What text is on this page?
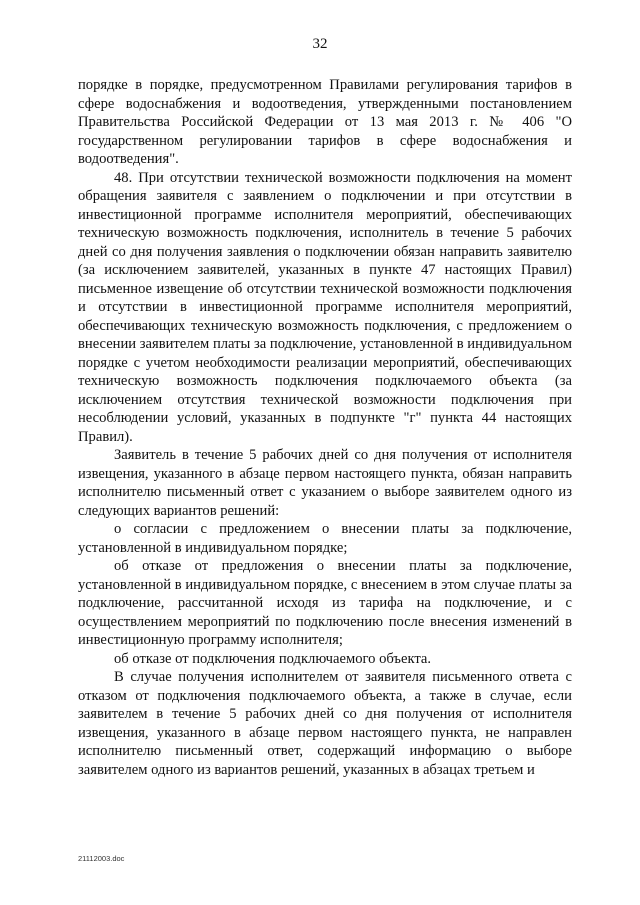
32

порядке в порядке, предусмотренном Правилами регулирования тарифов в сфере водоснабжения и водоотведения, утвержденными постановлением Правительства Российской Федерации от 13 мая 2013 г. № 406 "О государственном регулировании тарифов в сфере водоснабжения и водоотведения".

48. При отсутствии технической возможности подключения на момент обращения заявителя с заявлением о подключении и при отсутствии в инвестиционной программе исполнителя мероприятий, обеспечивающих техническую возможность подключения, исполнитель в течение 5 рабочих дней со дня получения заявления о подключении обязан направить заявителю (за исключением заявителей, указанных в пункте 47 настоящих Правил) письменное извещение об отсутствии технической возможности подключения и отсутствии в инвестиционной программе исполнителя мероприятий, обеспечивающих техническую возможность подключения, с предложением о внесении заявителем платы за подключение, установленной в индивидуальном порядке с учетом необходимости реализации мероприятий, обеспечивающих техническую возможность подключения подключаемого объекта (за исключением отсутствия технической возможности подключения при несоблюдении условий, указанных в подпункте "г" пункта 44 настоящих Правил).

Заявитель в течение 5 рабочих дней со дня получения от исполнителя извещения, указанного в абзаце первом настоящего пункта, обязан направить исполнителю письменный ответ с указанием о выборе заявителем одного из следующих вариантов решений:

о согласии с предложением о внесении платы за подключение, установленной в индивидуальном порядке;

об отказе от предложения о внесении платы за подключение, установленной в индивидуальном порядке, с внесением в этом случае платы за подключение, рассчитанной исходя из тарифа на подключение, и с осуществлением мероприятий по подключению после внесения изменений в инвестиционную программу исполнителя;

об отказе от подключения подключаемого объекта.

В случае получения исполнителем от заявителя письменного ответа с отказом от подключения подключаемого объекта, а также в случае, если заявителем в течение 5 рабочих дней со дня получения от исполнителя извещения, указанного в абзаце первом настоящего пункта, не направлен исполнителю письменный ответ, содержащий информацию о выборе заявителем одного из вариантов решений, указанных в абзацах третьем и

21112003.doc
